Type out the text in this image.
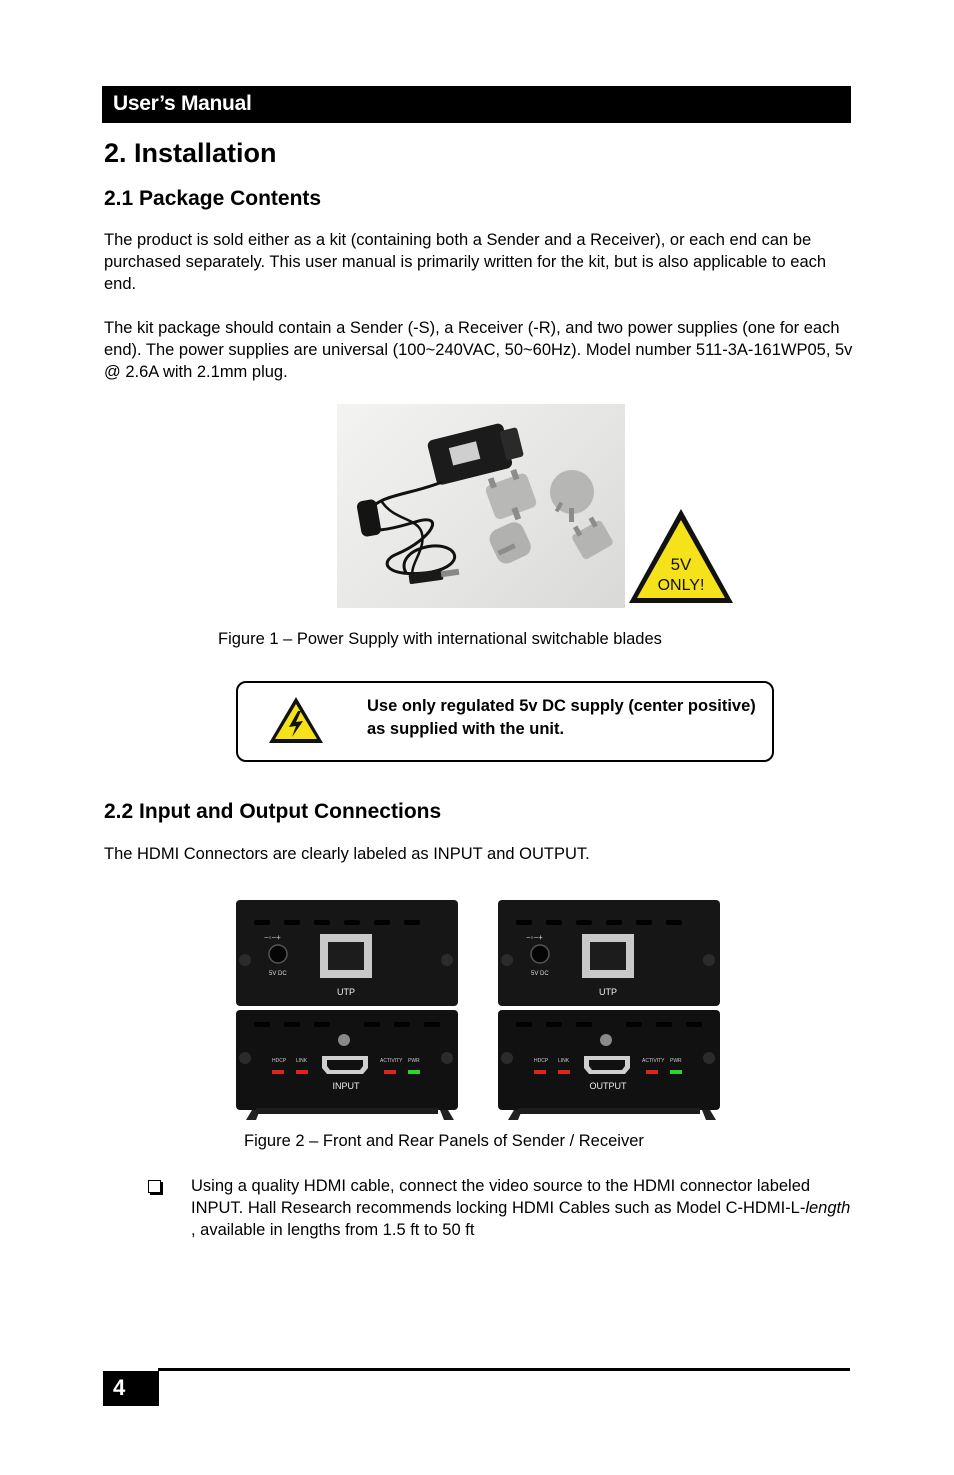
User’s Manual
2. Installation
2.1 Package Contents
The product is sold either as a kit (containing both a Sender and a Receiver), or each end can be purchased separately. This user manual is primarily written for the kit, but is also applicable to each end.
The kit package should contain a Sender (-S), a Receiver (-R), and two power supplies (one for each end). The power supplies are universal (100~240VAC, 50~60Hz). Model number 511-3A-161WP05, 5v @ 2.6A with 2.1mm plug.
5V
ONLY!
Figure 1 – Power Supply with international switchable blades
Use only regulated 5v DC supply (center positive) as supplied with the unit.
2.2 Input and Output Connections
The HDMI Connectors are clearly labeled as INPUT and OUTPUT.
−◦−+
5V DC
UTP
HDCP LINK	ACTIVITY PWR
INPUT
−◦−+
5V DC
UTP
HDCP LINK	ACTIVITY PWR
OUTPUT
Figure 2 – Front and Rear Panels of Sender / Receiver
Using a quality HDMI cable, connect the video source to the HDMI connector labeled INPUT. Hall Research recommends locking HDMI Cables such as Model C-HDMI-L-length , available in lengths from 1.5 ft to 50 ft
4
